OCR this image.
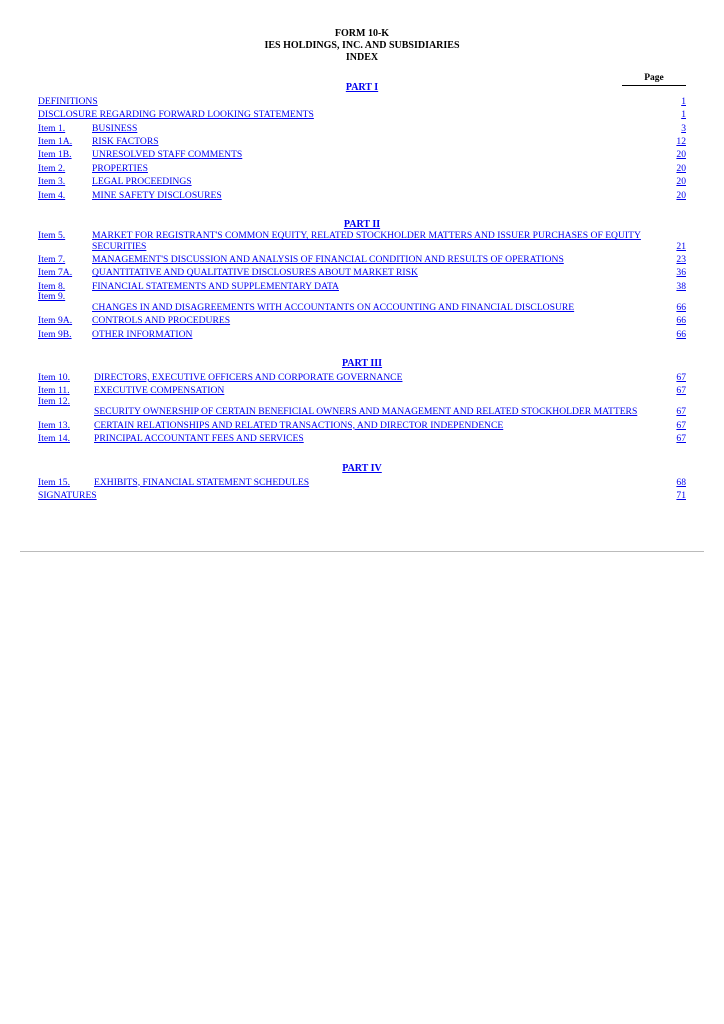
FORM 10-K
IES HOLDINGS, INC. AND SUBSIDIARIES
INDEX
Page
PART I
DEFINITIONS		1
DISCLOSURE REGARDING FORWARD LOOKING STATEMENTS		1
Item 1.	BUSINESS	3
Item 1A.	RISK FACTORS	12
Item 1B.	UNRESOLVED STAFF COMMENTS	20
Item 2.	PROPERTIES	20
Item 3.	LEGAL PROCEEDINGS	20
Item 4.	MINE SAFETY DISCLOSURES	20
PART II
Item 5.	MARKET FOR REGISTRANT'S COMMON EQUITY, RELATED STOCKHOLDER MATTERS AND ISSUER PURCHASES OF EQUITY SECURITIES	21
Item 7.	MANAGEMENT'S DISCUSSION AND ANALYSIS OF FINANCIAL CONDITION AND RESULTS OF OPERATIONS	23
Item 7A.	QUANTITATIVE AND QUALITATIVE DISCLOSURES ABOUT MARKET RISK	36
Item 8.	FINANCIAL STATEMENTS AND SUPPLEMENTARY DATA	38
Item 9.	CHANGES IN AND DISAGREEMENTS WITH ACCOUNTANTS ON ACCOUNTING AND FINANCIAL DISCLOSURE	66
Item 9A.	CONTROLS AND PROCEDURES	66
Item 9B.	OTHER INFORMATION	66
PART III
Item 10.	DIRECTORS, EXECUTIVE OFFICERS AND CORPORATE GOVERNANCE	67
Item 11.	EXECUTIVE COMPENSATION	67
Item 12.	SECURITY OWNERSHIP OF CERTAIN BENEFICIAL OWNERS AND MANAGEMENT AND RELATED STOCKHOLDER MATTERS	67
Item 13.	CERTAIN RELATIONSHIPS AND RELATED TRANSACTIONS, AND DIRECTOR INDEPENDENCE	67
Item 14.	PRINCIPAL ACCOUNTANT FEES AND SERVICES	67
PART IV
Item 15.	EXHIBITS, FINANCIAL STATEMENT SCHEDULES	68
SIGNATURES		71
